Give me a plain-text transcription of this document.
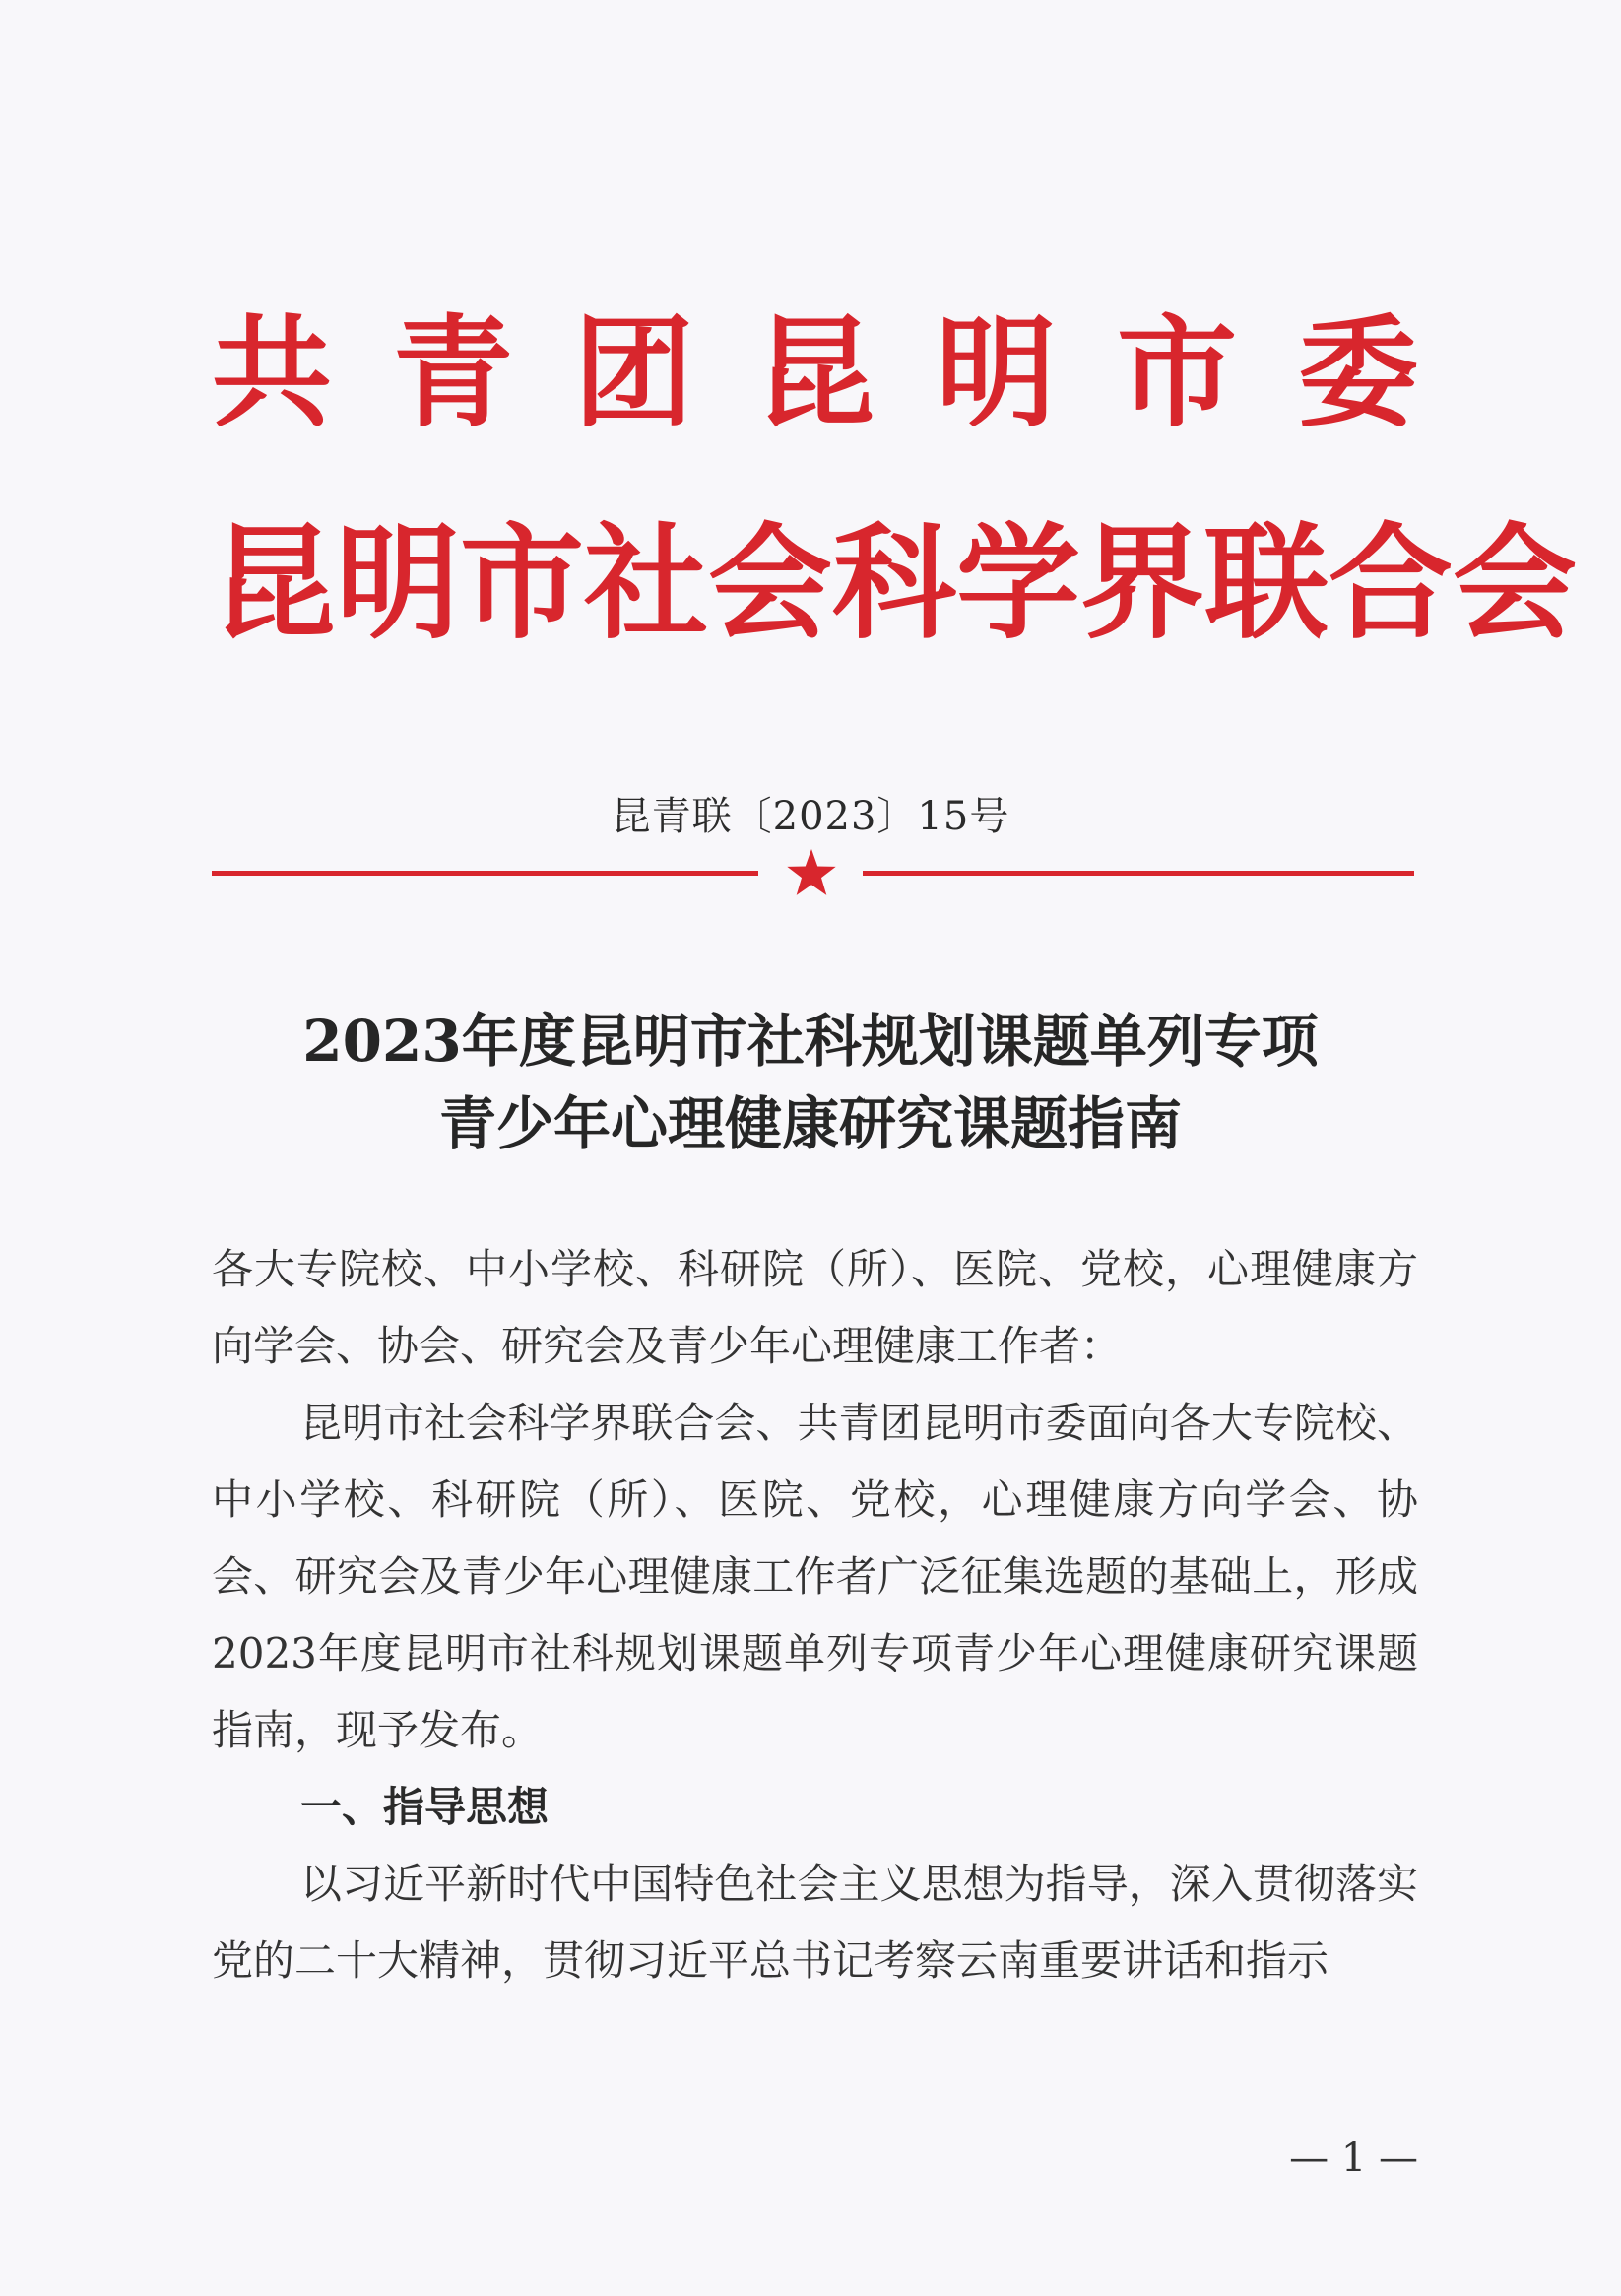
共青团昆明市委
昆明市社会科学界联合会
昆青联〔2023〕15号
2023年度昆明市社科规划课题单列专项
青少年心理健康研究课题指南

各大专院校、中小学校、科研院（所）、医院、党校，心理健康方向学会、协会、研究会及青少年心理健康工作者：

昆明市社会科学界联合会、共青团昆明市委面向各大专院校、中小学校、科研院（所）、医院、党校，心理健康方向学会、协会、研究会及青少年心理健康工作者广泛征集选题的基础上，形成2023年度昆明市社科规划课题单列专项青少年心理健康研究课题指南，现予发布。

一、指导思想

以习近平新时代中国特色社会主义思想为指导，深入贯彻落实党的二十大精神，贯彻习近平总书记考察云南重要讲话和指示

— 1 —
